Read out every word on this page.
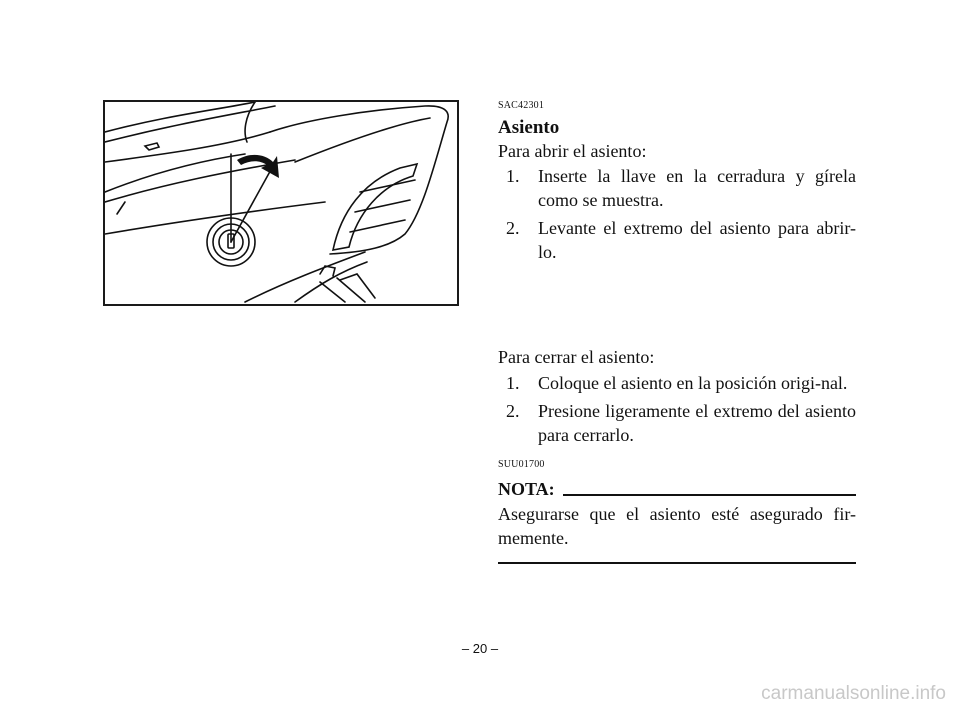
SAC42301
Asiento
Para abrir el asiento:
1. Inserte la llave en la cerradura y gírela como se muestra.
2. Levante el extremo del asiento para abrir-lo.
Para cerrar el asiento:
1. Coloque el asiento en la posición origi-nal.
2. Presione ligeramente el extremo del asiento para cerrarlo.
SUU01700
NOTA:
Asegurarse que el asiento esté asegurado fir-memente.
– 20 –
carmanualsonline.info
